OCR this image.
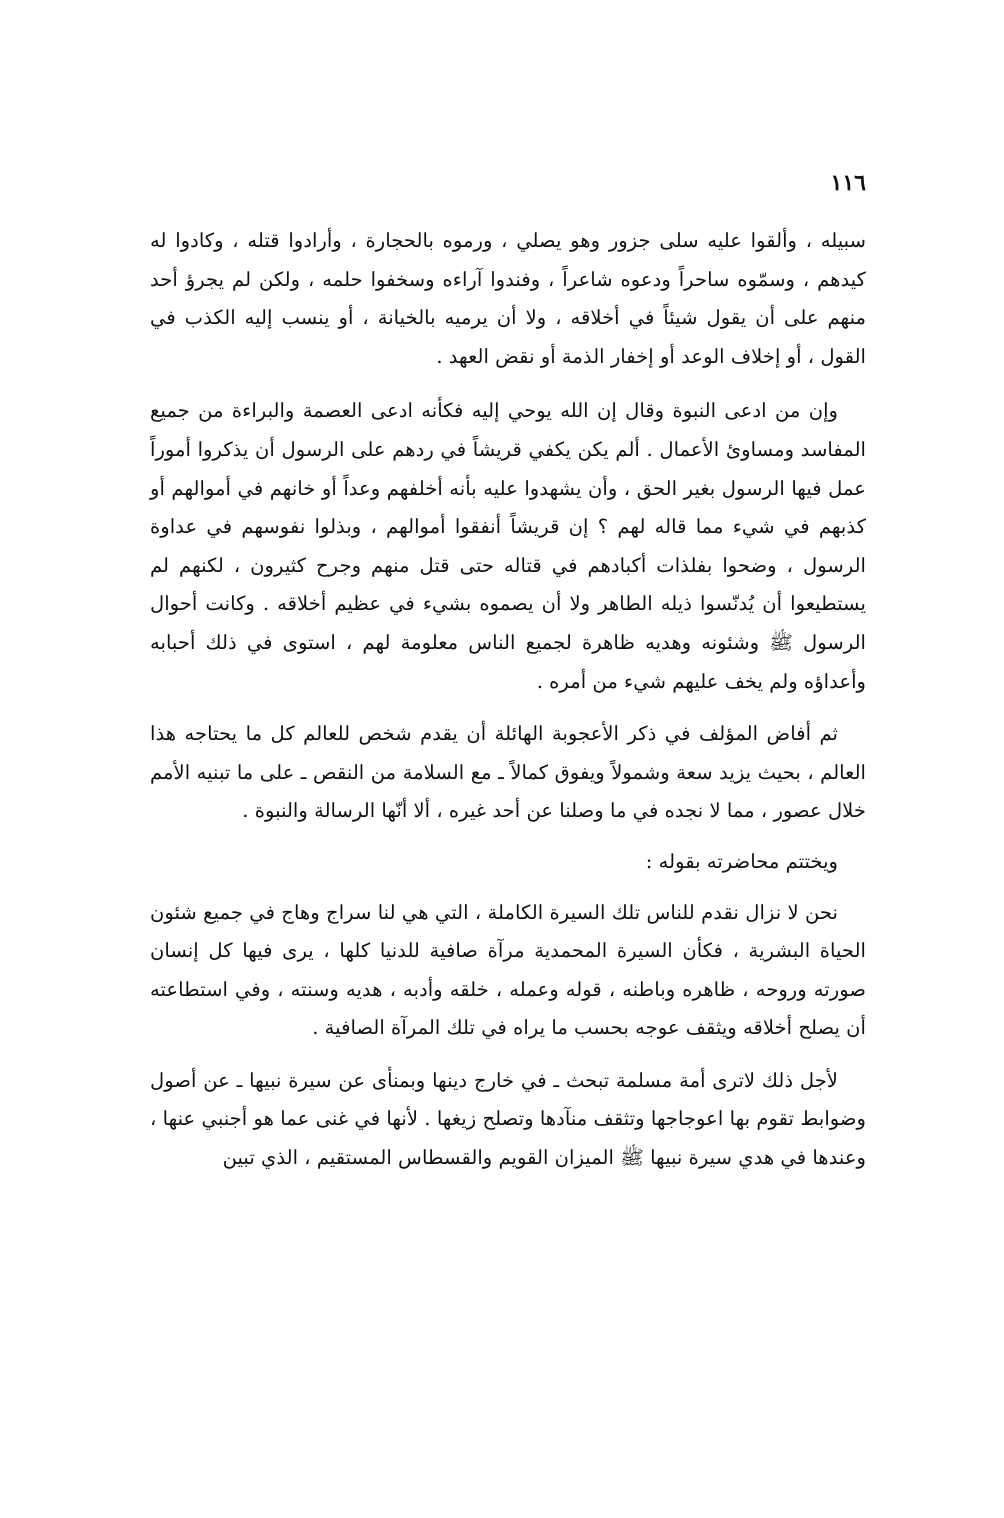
١١٦

سبيله ، وألقوا عليه سلى جزور وهو يصلي ، ورموه بالحجارة ، وأرادوا قتله ، وكادوا له كيدهم ، وسمّوه ساحراً ودعوه شاعراً ، وفندوا آراءه وسخفوا حلمه ، ولكن لم يجرؤ أحد منهم على أن يقول شيئاً في أخلاقه ، ولا أن يرميه بالخيانة ، أو ينسب إليه الكذب في القول ، أو إخلاف الوعد أو إخفار الذمة أو نقض العهد .

وإن من ادعى النبوة وقال إن الله يوحي إليه فكأنه ادعى العصمة والبراءة من جميع المفاسد ومساوئ الأعمال . ألم يكن يكفي قريشاً في ردهم على الرسول أن يذكروا أموراً عمل فيها الرسول بغير الحق ، وأن يشهدوا عليه بأنه أخلفهم وعداً أو خانهم في أموالهم أو كذبهم في شيء مما قاله لهم ؟ إن قريشاً أنفقوا أموالهم ، وبذلوا نفوسهم في عداوة الرسول ، وضحوا بفلذات أكبادهم في قتاله حتى قتل منهم وجرح كثيرون ، لكنهم لم يستطيعوا أن يُدنّسوا ذيله الطاهر ولا أن يصموه بشيء في عظيم أخلاقه . وكانت أحوال الرسول ﷺ وشئونه وهديه ظاهرة لجميع الناس معلومة لهم ، استوى في ذلك أحبابه وأعداؤه ولم يخف عليهم شيء من أمره .

ثم أفاض المؤلف في ذكر الأعجوبة الهائلة أن يقدم شخص للعالم كل ما يحتاجه هذا العالم ، بحيث يزيد سعة وشمولاً ويفوق كمالاً ـ مع السلامة من النقص ـ على ما تبنيه الأمم خلال عصور ، مما لا نجده في ما وصلنا عن أحد غيره ، ألا أنّها الرسالة والنبوة .

ويختتم محاضرته بقوله :

نحن لا نزال نقدم للناس تلك السيرة الكاملة ، التي هي لنا سراج وهاج في جميع شئون الحياة البشرية ، فكأن السيرة المحمدية مرآة صافية للدنيا كلها ، يرى فيها كل إنسان صورته وروحه ، ظاهره وباطنه ، قوله وعمله ، خلقه وأدبه ، هديه وسنته ، وفي استطاعته أن يصلح أخلاقه ويثقف عوجه بحسب ما يراه في تلك المرآة الصافية .

لأجل ذلك لاترى أمة مسلمة تبحث ـ في خارج دينها وبمنأى عن سيرة نبيها ـ عن أصول وضوابط تقوم بها اعوجاجها وتثقف منآدها وتصلح زيغها . لأنها في غنى عما هو أجنبي عنها ، وعندها في هدي سيرة نبيها ﷺ الميزان القويم والقسطاس المستقيم ، الذي تبين
